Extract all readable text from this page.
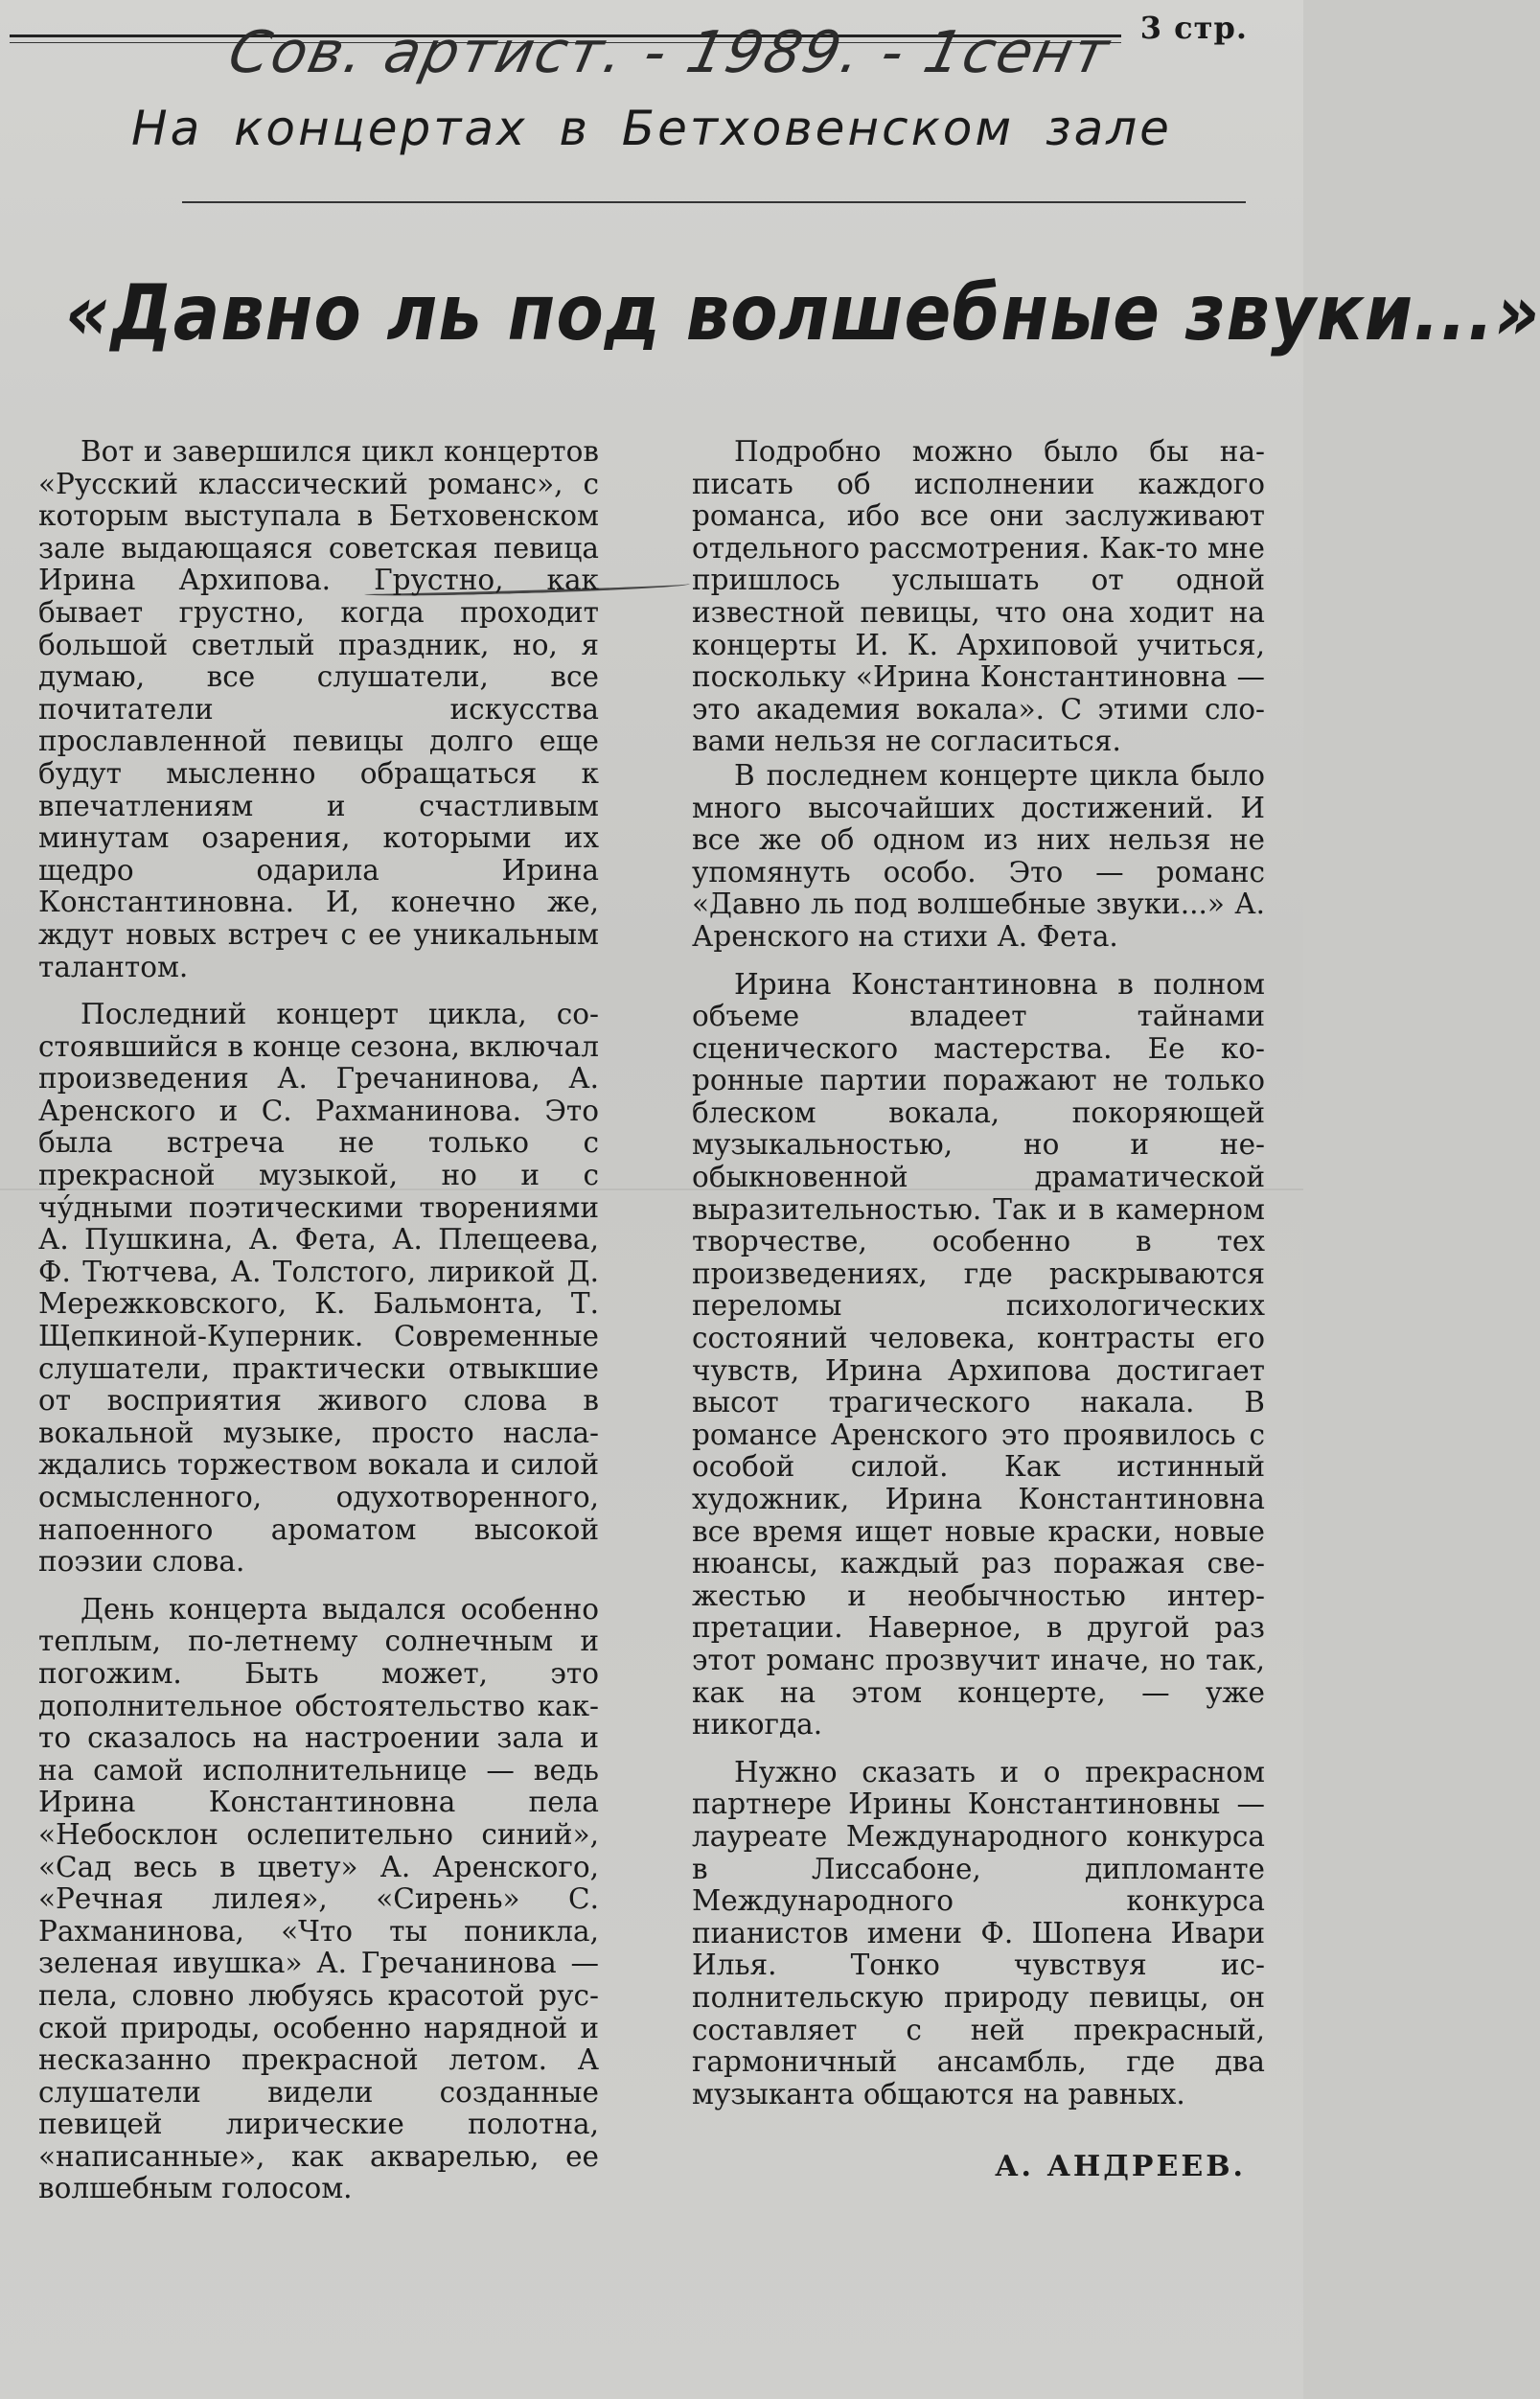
3 стр.
Сов. артист. - 1989. - 1сент
На концертах в Бетховенском зале
«Давно ль под волшебные звуки...»

Вот и завершился цикл концертов «Русский классический романс», с которым выступала в Бетховенском зале выдающаяся советская певица Ирина Архипова. Грустно, как бывает грустно, когда проходит большой светлый праздник, но, я думаю, все слушатели, все почитатели искусства прославленной певицы долго еще будут мысленно обращаться к впечатлениям и счастливым минутам озарения, которыми их щедро одарила Ирина Константиновна. И, конечно же, ждут новых встреч с ее уникальным талантом.

Последний концерт цикла, состоявшийся в конце сезона, включал произведения А. Гречанинова, А. Аренского и С. Рахманинова. Это была встреча не только с прекрасной музыкой, но и с чу́дными поэтическими творениями А. Пушкина, А. Фета, А. Плещеева, Ф. Тютчева, А. Толстого, лирикой Д. Мережковского, К. Бальмонта, Т. Щепкиной-Куперник. Современные слушатели, практически отвыкшие от восприятия живого слова в вокальной музыке, просто наслаждались торжеством вокала и силой осмысленного, одухотворенного, напоенного ароматом высокой поэзии слова.

День концерта выдался особенно теплым, по-летнему солнечным и погожим. Быть может, это дополнительное обстоятельство как-то сказалось на настроении зала и на самой исполнительнице — ведь Ирина Константиновна пела «Небосклон ослепительно синий», «Сад весь в цвету» А. Аренского, «Речная лилея», «Сирень» С. Рахманинова, «Что ты поникла, зеленая ивушка» А. Гречанинова — пела, словно любуясь красотой русской природы, особенно нарядной и несказанно прекрасной летом. А слушатели видели созданные певицей лирические полотна, «написанные», как акварелью, ее волшебным голосом.

Подробно можно было бы написать об исполнении каждого романса, ибо все они заслуживают отдельного рассмотрения. Как-то мне пришлось услышать от одной известной певицы, что она ходит на концерты И. К. Архиповой учиться, поскольку «Ирина Константиновна — это академия вокала». С этими словами нельзя не согласиться.

В последнем концерте цикла было много высочайших достижений. И все же об одном из них нельзя не упомянуть особо. Это — романс «Давно ль под волшебные звуки...» А. Аренского на стихи А. Фета.

Ирина Константиновна в полном объеме владеет тайнами сценического мастерства. Ее коронные партии поражают не только блеском вокала, покоряющей музыкальностью, но и необыкновенной драматической выразительностью. Так и в камерном творчестве, особенно в тех произведениях, где раскрываются переломы психологических состояний человека, контрасты его чувств, Ирина Архипова достигает высот трагического накала. В романсе Аренского это проявилось с особой силой. Как истинный художник, Ирина Константиновна все время ищет новые краски, новые нюансы, каждый раз поражая свежестью и необычностью интерпретации. Наверное, в другой раз этот романс прозвучит иначе, но так, как на этом концерте, — уже никогда.

Нужно сказать и о прекрасном партнере Ирины Константиновны — лауреате Международного конкурса в Лиссабоне, дипломанте Международного конкурса пианистов имени Ф. Шопена Ивари Илья. Тонко чувствуя исполнительскую природу певицы, он составляет с ней прекрасный, гармоничный ансамбль, где два музыканта общаются на равных.

А. АНДРЕЕВ.
